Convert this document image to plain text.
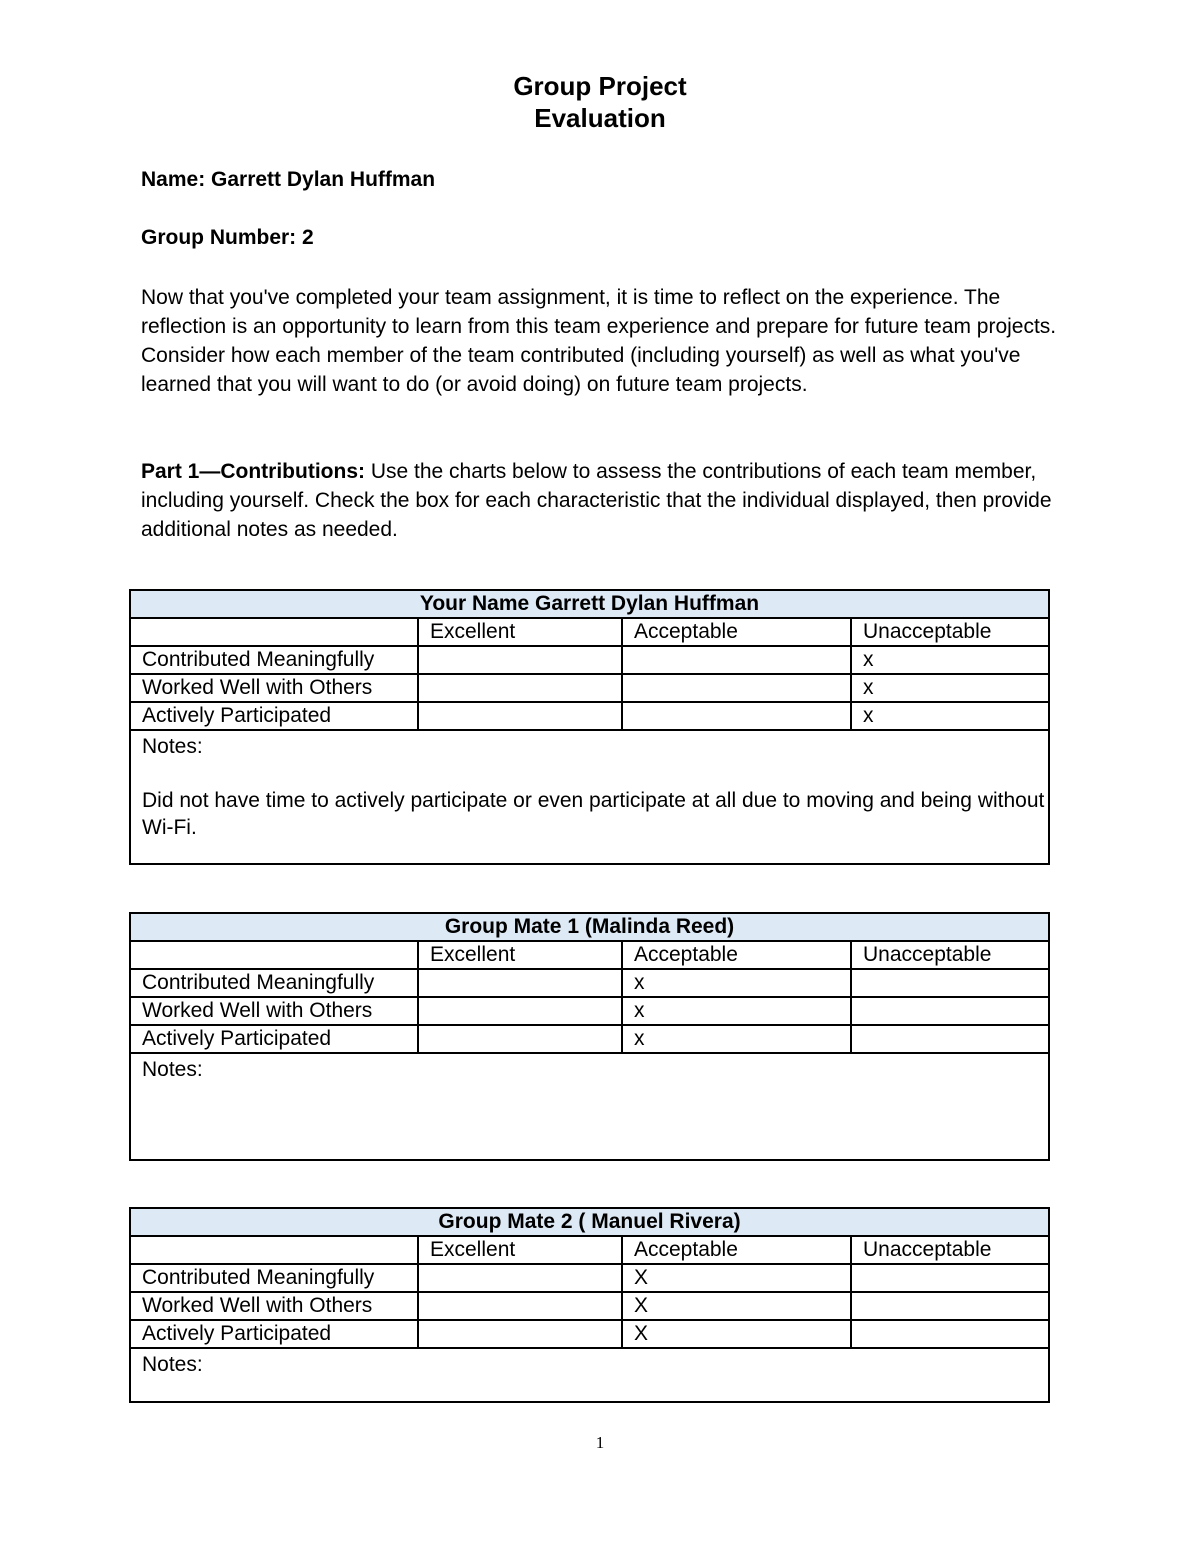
Group Project
Evaluation
Name: Garrett Dylan Huffman
Group Number: 2
Now that you've completed your team assignment, it is time to reflect on the experience. The reflection is an opportunity to learn from this team experience and prepare for future team projects. Consider how each member of the team contributed (including yourself) as well as what you've learned that you will want to do (or avoid doing) on future team projects.
Part 1—Contributions: Use the charts below to assess the contributions of each team member, including yourself. Check the box for each characteristic that the individual displayed, then provide additional notes as needed.
Your Name Garrett Dylan Huffman			
	Excellent	Acceptable	Unacceptable
Contributed Meaningfully			x
Worked Well with Others			x
Actively Participated			x

Notes:
Did not have time to actively participate or even participate at all due to moving and being without Wi-Fi.			
Group Mate 1 (Malinda Reed)			
	Excellent	Acceptable	Unacceptable
Contributed Meaningfully		x	
Worked Well with Others		x	
Actively Participated		x	

Notes:			
Group Mate 2 ( Manuel Rivera)			
	Excellent	Acceptable	Unacceptable
Contributed Meaningfully		X	
Worked Well with Others		X	
Actively Participated		X	

Notes:			
1
